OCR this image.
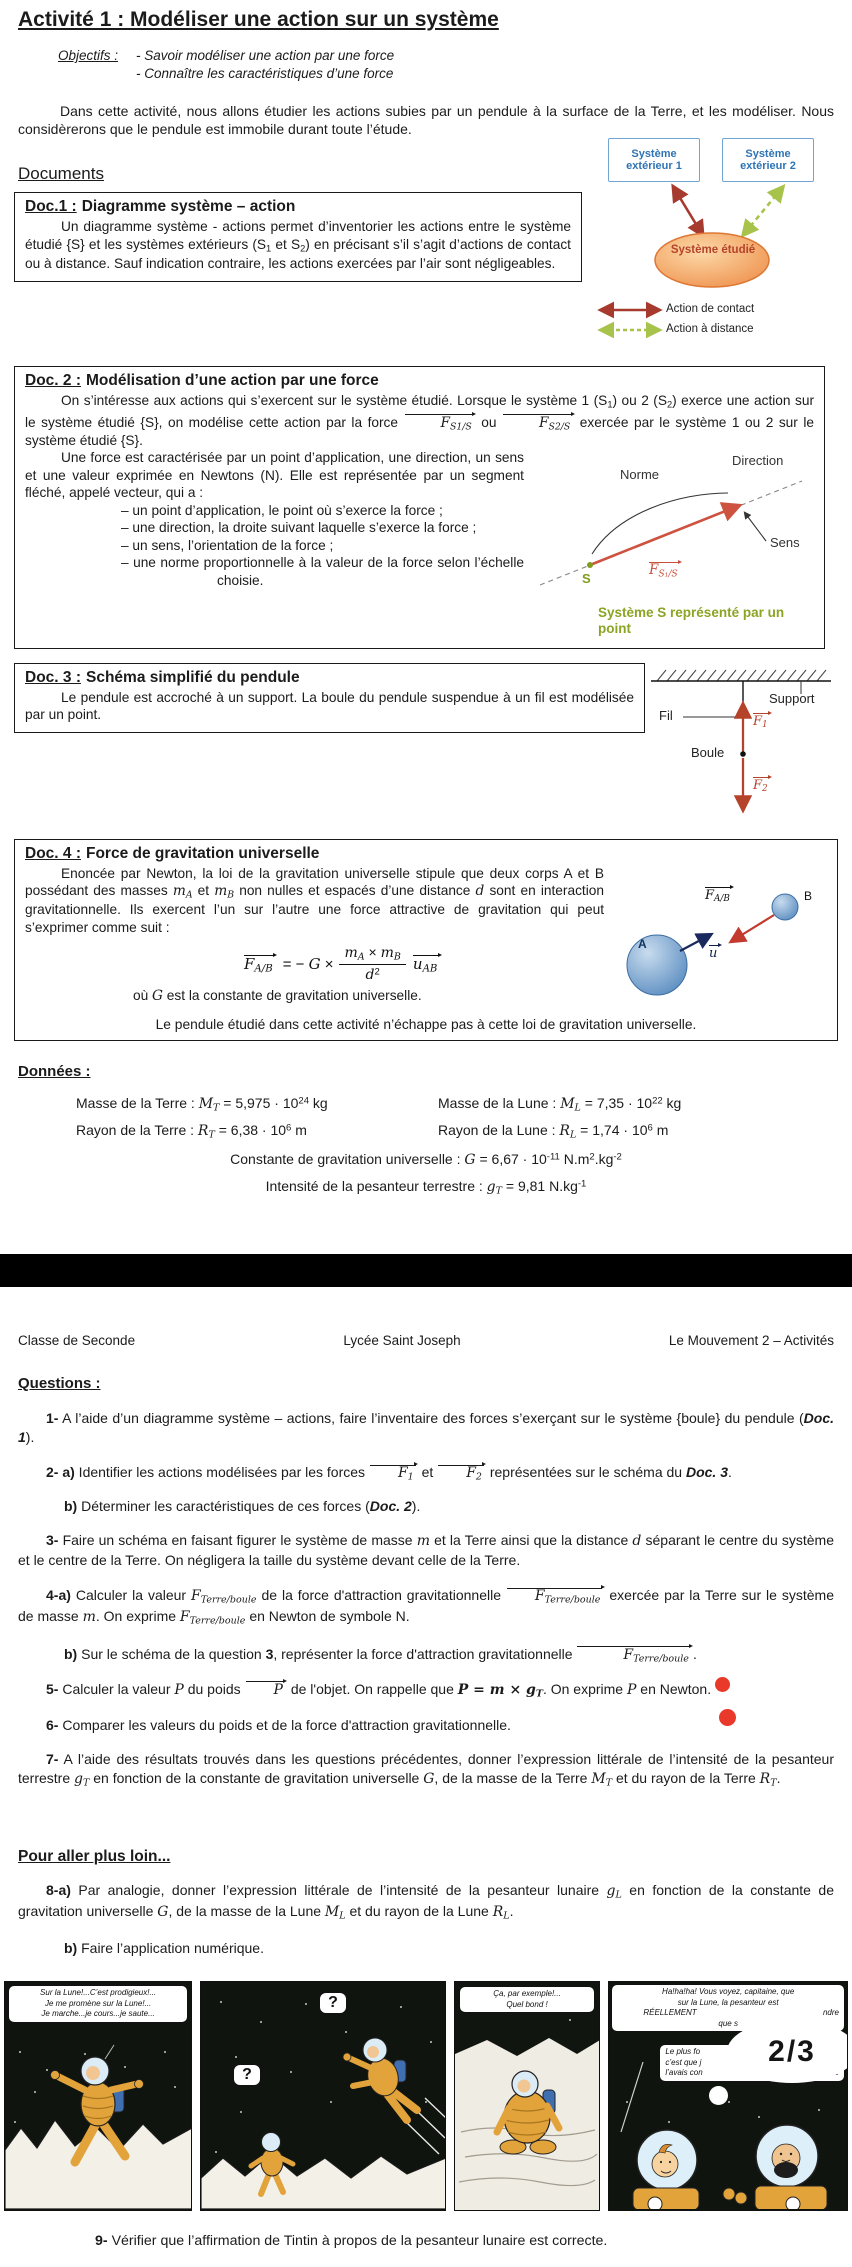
Activité 1 : Modéliser une action sur un système
Objectifs : - Savoir modéliser une action par une force
- Connaître les caractéristiques d’une force
Dans cette activité, nous allons étudier les actions subies par un pendule à la surface de la Terre, et les modéliser. Nous considèrerons que le pendule est immobile durant toute l’étude.
Documents
Doc.1 : Diagramme système – action
Un diagramme système - actions permet d’inventorier les actions entre le système étudié {S} et les systèmes extérieurs ($S_1$ et $S_2$) en précisant s’il s’agit d’actions de contact ou à distance. Sauf indication contraire, les actions exercées par l’air sont négligeables.
Système extérieur 1
Système extérieur 2
Système étudié
Action de contact
Action à distance
Doc. 2 : Modélisation d’une action par une force
On s’intéresse aux actions qui s’exercent sur le système étudié. Lorsque le système 1 $(S_1)$ ou 2 $(S_2)$ exerce une action sur le système étudié {S}, on modélise cette action par la force	$F_{S1/S}$ ou	$F_{S2/S}$ exercée par le système 1 ou 2 sur le système étudié {S}.
Norme
Direction
Sens
S
$F_{S_1/S}$
Système S représenté par un point
Une force est caractérisée par un point d’application, une direction, un sens et une valeur exprimée en Newtons (N). Elle est représentée par un segment fléché, appelé vecteur, qui a :
– un point d’application, le point où s’exerce la force ;
– une direction, la droite suivant laquelle s’exerce la force ;
– un sens, l’orientation de la force ;
– une norme proportionnelle à la valeur de la force selon l’échelle choisie.
Doc. 3 : Schéma simplifié du pendule
Le pendule est accroché à un support. La boule du pendule suspendue à un fil est modélisée par un point.	Fil
Support
Boule
$F_1$
$F_2$
Doc. 4 : Force de gravitation universelle
A
B
$F_{A/B}$
u
Enoncée par Newton, la loi de la gravitation universelle stipule que deux corps A et B possédant des masses $m_A$ et $m_B$ non nulles et espacés d’une distance d sont en interaction gravitationnelle. Ils exercent l’un sur l’autre une force attractive de gravitation qui peut s’exprimer comme suit :
$F_{A/B}$ = − $G \times \frac{m_A \times m_B}{d^2} u_{AB}$
où G est la constante de gravitation universelle.
Le pendule étudié dans cette activité n’échappe pas à cette loi de gravitation universelle.
Données :
Masse de la Terre : $M_T = 5,975 \cdot 10^{24}$ kg	Masse de la Lune : $M_L = 7,35 \cdot 10^{22}$ kg
Rayon de la Terre : $R_T = 6,38 \cdot 10^6$ m	Rayon de la Lune : $R_L = 1,74 \cdot 10^6$ m
Constante de gravitation universelle : $G = 6,67 \cdot 10^{-11}$ $N.m^2.kg^{-2}$
Intensité de la pesanteur terrestre : $g_T = 9,81$ $N.kg^{-1}$
Classe de Seconde	Lycée Saint Joseph	Le Mouvement 2 – Activités
Questions :
1- A l’aide d’un diagramme système – actions, faire l’inventaire des forces s’exerçant sur le système {boule} du pendule (Doc. 1).
2- a) Identifier les actions modélisées par les forces $F_1$ et $F_2$ représentées sur le schéma du Doc. 3.
b) Déterminer les caractéristiques de ces forces (Doc. 2).
3- Faire un schéma en faisant figurer le système de masse m et la Terre ainsi que la distance d séparant le centre du système et le centre de la Terre. On négligera la taille du système devant celle de la Terre.
4-a) Calculer la valeur $F_{Terre/boule}$ de la force d'attraction gravitationnelle $F_{Terre/boule}$ exercée par la Terre sur le système de masse m. On exprime $F_{Terre/boule}$ en Newton de symbole N.
b) Sur le schéma de la question 3, représenter la force d'attraction gravitationnelle	$F_{Terre/boule}$ .
5- Calculer la valeur P du poids P de l'objet. On rappelle que $P = m \times g_T$. On exprime P en Newton.
6- Comparer les valeurs du poids et de la force d'attraction gravitationnelle.
7- A l’aide des résultats trouvés dans les questions précédentes, donner l’expression littérale de l’intensité de la pesanteur terrestre $g_T$ en fonction de la constante de gravitation universelle G, de la masse de la Terre $M_T$ et du rayon de la Terre $R_T$.
Pour aller plus loin...
8-a) Par analogie, donner l’expression littérale de l’intensité de la pesanteur lunaire $g_L$ en fonction de la constante de gravitation universelle G, de la masse de la Lune $M_L$ et du rayon de la Lune $R_L$.
b) Faire l’application numérique.
Sur la Lune!...C’est prodigieux!...
Je me promène sur la Lune!...
Je marche...je cours...je saute...
?
?
Ça, par exemple!...
Quel bond !
Ha!ha!ha! Vous voyez, capitaine, que
sur la Lune, la pesanteur est
RÉELLEMENT	ndre
que s
Le plus fo
c’est que j
l’avais con
2/3
9- Vérifier que l’affirmation de Tintin à propos de la pesanteur lunaire est correcte.
